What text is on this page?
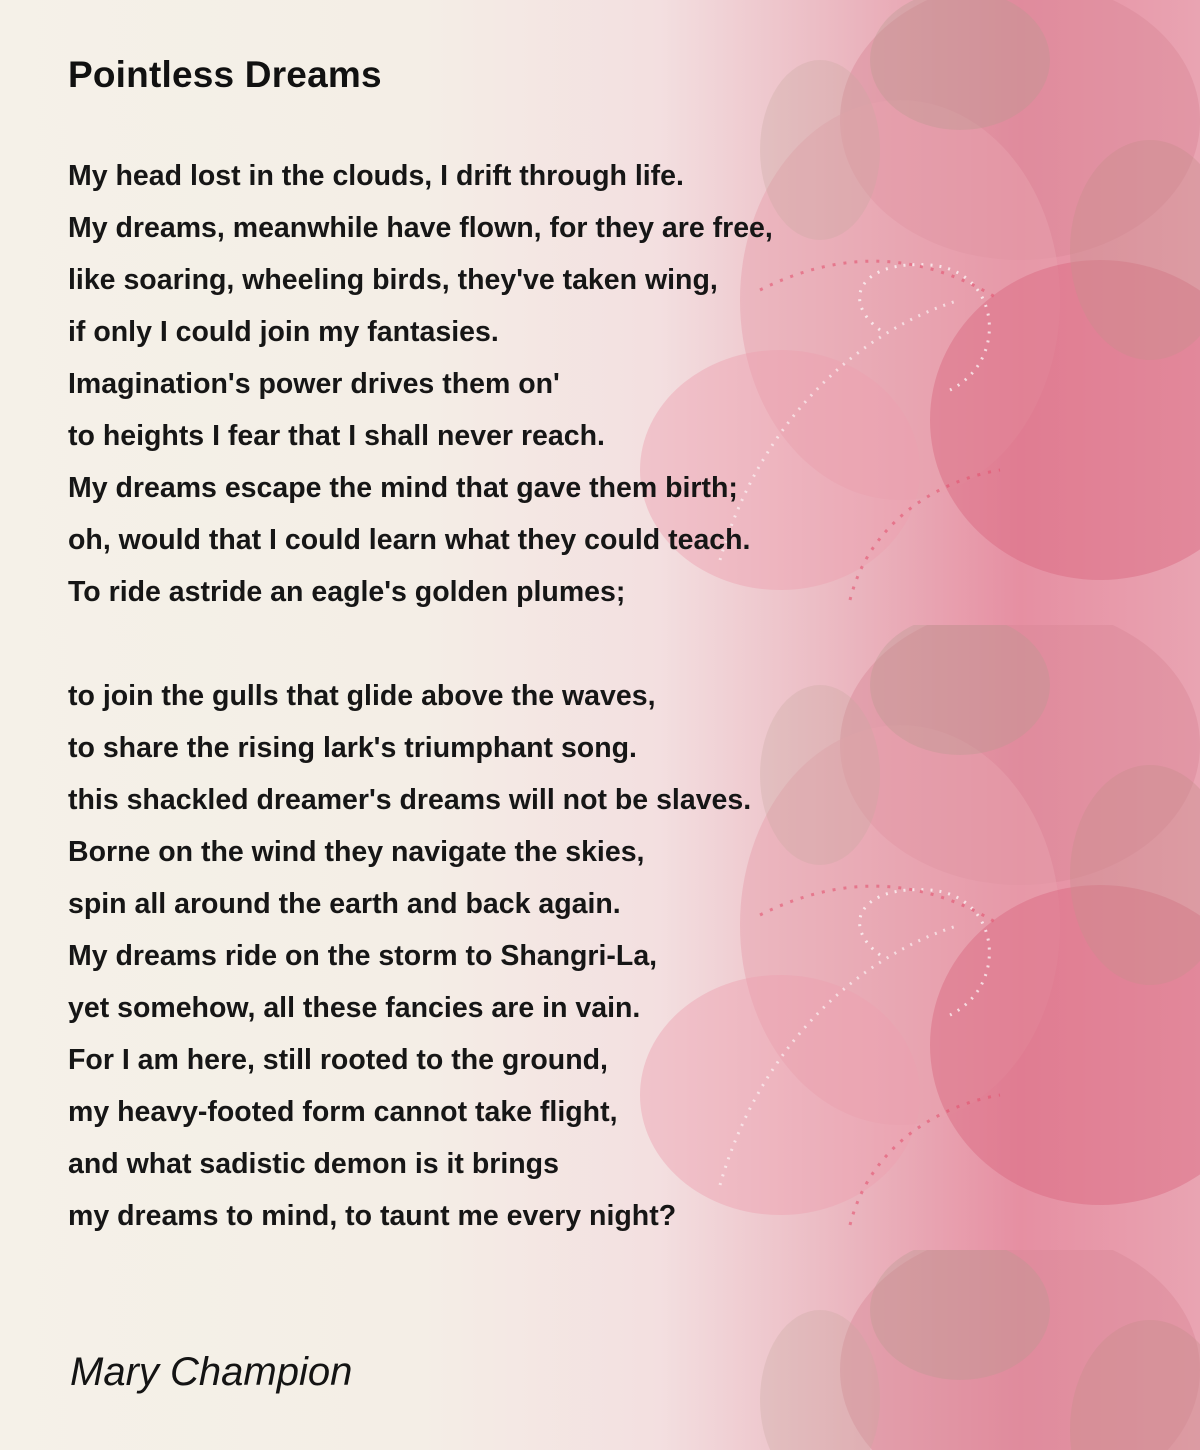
Pointless Dreams
My head lost in the clouds, I drift through life.
My dreams, meanwhile have flown, for they are free,
like soaring, wheeling birds, they've taken wing,
if only I could join my fantasies.
Imagination's power drives them on'
to heights I fear that I shall never reach.
My dreams escape the mind that gave them birth;
oh, would that I could learn what they could teach.
To ride astride an eagle's golden plumes;
to join the gulls that glide above the waves,
to share the rising lark's triumphant song.
this shackled dreamer's dreams will not be slaves.
Borne on the wind they navigate the skies,
spin all around the earth and back again.
My dreams ride on the storm to Shangri-La,
yet somehow, all these fancies are in vain.
For I am here, still rooted to the ground,
my heavy-footed form cannot take flight,
and what sadistic demon is it brings
my dreams to mind, to taunt me every night?

Mary Champion
